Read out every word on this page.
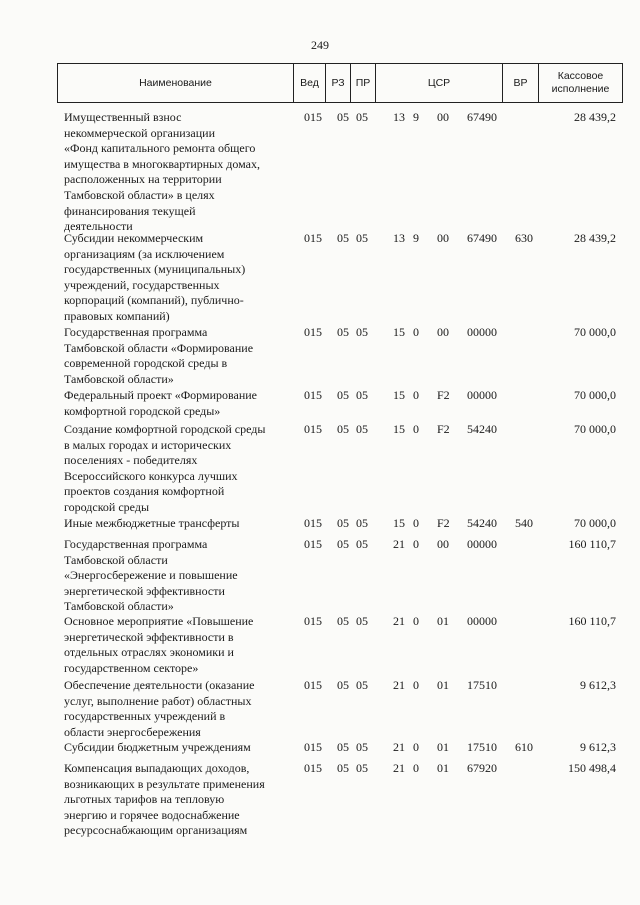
249
Наименование	Вед	РЗ	ПР	ЦСР	ВР
Кассовое исполнение
Имущественный взнос
некоммерческой организации
«Фонд капитального ремонта общего
имущества в многоквартирных домах,
расположенных на территории
Тамбовской области» в целях
финансирования текущей
деятельности
015 05 05 13 9 00 67490	28 439,2
Субсидии некоммерческим
организациям (за исключением
государственных (муниципальных)
учреждений, государственных
корпораций (компаний), публично-
правовых компаний)
015 05 05 13 9 00 67490 630	28 439,2
Государственная программа
Тамбовской области «Формирование
современной городской среды в
Тамбовской области»
015 05 05 15 0 00 00000	70 000,0
Федеральный проект «Формирование
комфортной городской среды»
015 05 05 15 0 F2 00000	70 000,0
Создание комфортной городской среды
в малых городах и исторических
поселениях - победителях
Всероссийского конкурса лучших
проектов создания комфортной
городской среды
015 05 05 15 0 F2 54240	70 000,0
Иные межбюджетные трансферты	015 05 05 15 0 F2 54240 540	70 000,0
Государственная программа
Тамбовской области
«Энергосбережение и повышение
энергетической эффективности
Тамбовской области»
015 05 05 21 0 00 00000	160 110,7
Основное мероприятие «Повышение
энергетической эффективности в
отдельных отраслях экономики и
государственном секторе»
015 05 05 21 0 01 00000	160 110,7
Обеспечение деятельности (оказание
услуг, выполнение работ) областных
государственных учреждений в
области энергосбережения
015 05 05 21 0 01 17510	9 612,3
Субсидии бюджетным учреждениям	015 05 05 21 0 01 17510 610	9 612,3
Компенсация выпадающих доходов,
возникающих в результате применения
льготных тарифов на тепловую
энергию и горячее водоснабжение
ресурсоснабжающим организациям
015 05 05 21 0 01 67920	150 498,4
